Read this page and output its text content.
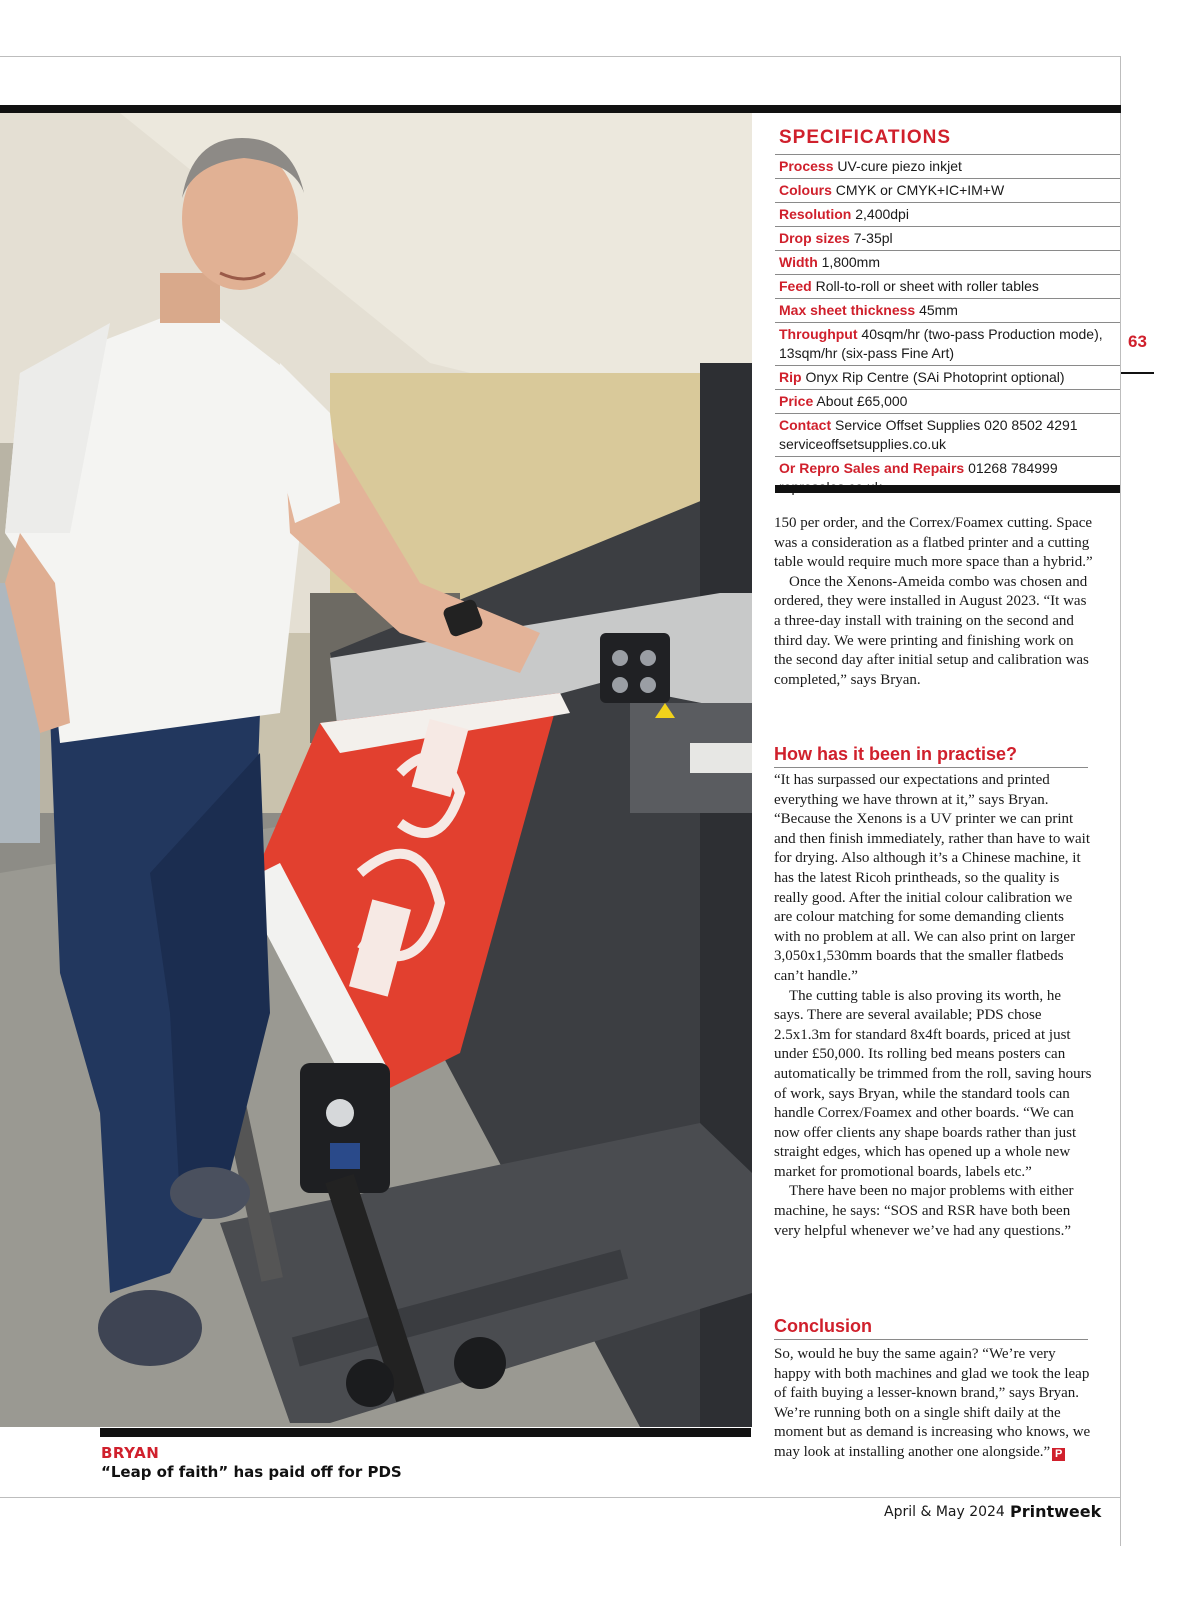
BRYAN
“Leap of faith” has paid off for PDS
SPECIFICATIONS
Process UV-cure piezo inkjet
Colours CMYK or CMYK+IC+IM+W
Resolution 2,400dpi
Drop sizes 7-35pl
Width 1,800mm
Feed Roll-to-roll or sheet with roller tables
Max sheet thickness 45mm
Throughput 40sqm/hr (two-pass Production mode),
13sqm/hr (six-pass Fine Art)
Rip Onyx Rip Centre (SAi Photoprint optional)
Price About £65,000
Contact Service Offset Supplies 020 8502 4291
serviceoffsetsupplies.co.uk
Or Repro Sales and Repairs 01268 784999
63

150 per order, and the Correx/Foamex cutting. Space was a consideration as a flatbed printer and a cutting table would require much more space than a hybrid.”

Once the Xenons-Ameida combo was chosen and ordered, they were installed in August 2023. “It was a three-day install with training on the second and third day. We were printing and finishing work on the second day after initial setup and calibration was completed,” says Bryan.

How has it been in practise?

“It has surpassed our expectations and printed everything we have thrown at it,” says Bryan. “Because the Xenons is a UV printer we can print and then finish immediately, rather than have to wait for drying. Also although it’s a Chinese machine, it has the latest Ricoh printheads, so the quality is really good. After the initial colour calibration we are colour matching for some demanding clients with no problem at all. We can also print on larger 3,050x1,530mm boards that the smaller flatbeds can’t handle.”

The cutting table is also proving its worth, he says. There are several available; PDS chose 2.5x1.3m for standard 8x4ft boards, priced at just under £50,000. Its rolling bed means posters can automatically be trimmed from the roll, saving hours of work, says Bryan, while the standard tools can handle Correx/Foamex and other boards. “We can now offer clients any shape boards rather than just straight edges, which has opened up a whole new market for promotional boards, labels etc.”

There have been no major problems with either machine, he says: “SOS and RSR have both been very helpful whenever we’ve had any questions.”

Conclusion

So, would he buy the same again? “We’re very happy with both machines and glad we took the leap of faith buying a lesser-known brand,” says Bryan. We’re running both on a single shift daily at the moment but as demand is increasing who knows, we may look at installing another one alongside.” P

April & May 2024 Printweek
